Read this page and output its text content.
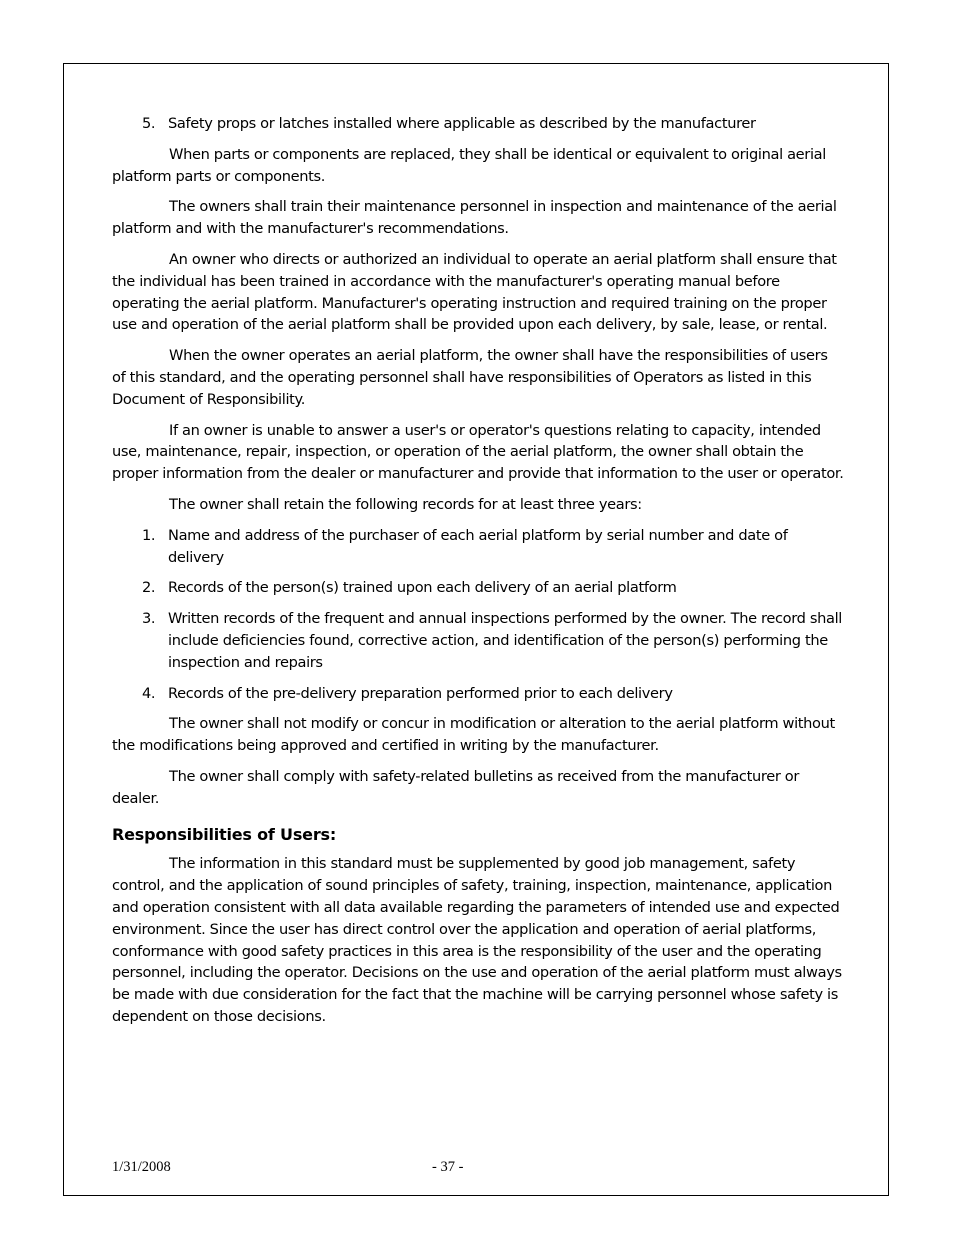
5. Safety props or latches installed where applicable as described by the manufacturer

When parts or components are replaced, they shall be identical or equivalent to original aerial platform parts or components.

The owners shall train their maintenance personnel in inspection and maintenance of the aerial platform and with the manufacturer's recommendations.

An owner who directs or authorized an individual to operate an aerial platform shall ensure that the individual has been trained in accordance with the manufacturer's operating manual before operating the aerial platform. Manufacturer's operating instruction and required training on the proper use and operation of the aerial platform shall be provided upon each delivery, by sale, lease, or rental.

When the owner operates an aerial platform, the owner shall have the responsibilities of users of this standard, and the operating personnel shall have responsibilities of Operators as listed in this Document of Responsibility.

If an owner is unable to answer a user's or operator's questions relating to capacity, intended use, maintenance, repair, inspection, or operation of the aerial platform, the owner shall obtain the proper information from the dealer or manufacturer and provide that information to the user or operator.

The owner shall retain the following records for at least three years:

1. Name and address of the purchaser of each aerial platform by serial number and date of delivery
2. Records of the person(s) trained upon each delivery of an aerial platform
3. Written records of the frequent and annual inspections performed by the owner. The record shall include deficiencies found, corrective action, and identification of the person(s) performing the inspection and repairs
4. Records of the pre-delivery preparation performed prior to each delivery

The owner shall not modify or concur in modification or alteration to the aerial platform without the modifications being approved and certified in writing by the manufacturer.

The owner shall comply with safety-related bulletins as received from the manufacturer or dealer.

Responsibilities of Users:

The information in this standard must be supplemented by good job management, safety control, and the application of sound principles of safety, training, inspection, maintenance, application and operation consistent with all data available regarding the parameters of intended use and expected environment. Since the user has direct control over the application and operation of aerial platforms, conformance with good safety practices in this area is the responsibility of the user and the operating personnel, including the operator. Decisions on the use and operation of the aerial platform must always be made with due consideration for the fact that the machine will be carrying personnel whose safety is dependent on those decisions.

1/31/2008	- 37 -
